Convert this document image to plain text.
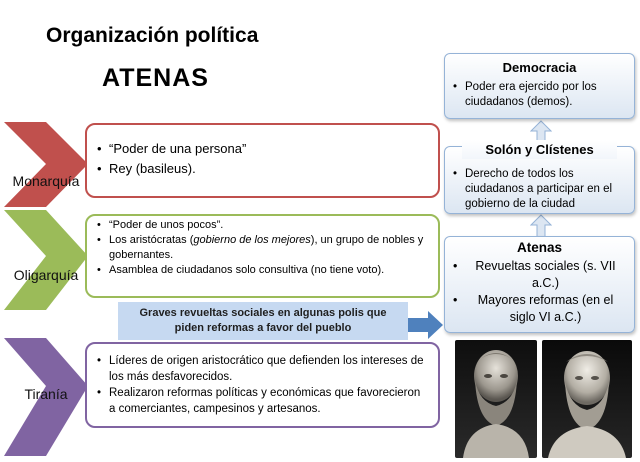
Organización política
ATENAS
Monarquía
Oligarquía
Tiranía
• “Poder de una persona”
• Rey (basileus).
• “Poder de unos pocos”.
• Los aristócratas (gobierno de los mejores), un grupo de nobles y gobernantes.
• Asamblea de ciudadanos solo consultiva (no tiene voto).
Graves revueltas sociales en algunas polis que piden reformas a favor del pueblo
• Líderes de origen aristocrático que defienden los intereses de los más desfavorecidos.
• Realizaron reformas políticas y económicas que favorecieron a comerciantes, campesinos y artesanos.
Democracia
• Poder era ejercido por los ciudadanos (demos).
• Derecho de todos los ciudadanos a participar en el gobierno de la ciudad
Solón y Clístenes
Atenas
• Revueltas sociales (s. VII a.C.)
• Mayores reformas (en el siglo VI a.C.)
